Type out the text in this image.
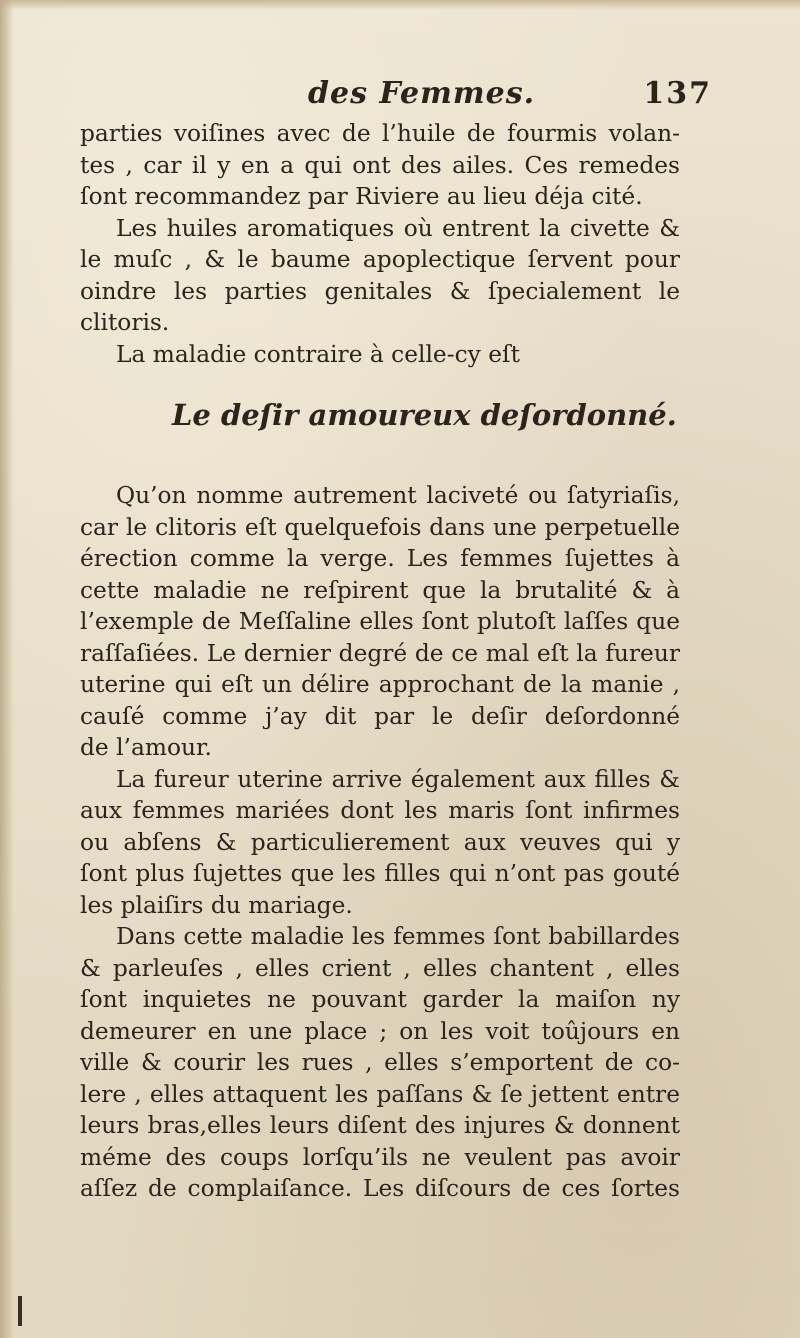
des Femmes.	137
parties voiſines avec de l’huile de fourmis volan-
tes , car il y en a qui ont des ailes. Ces remedes
ſont recommandez par Riviere au lieu déja cité.
Les huiles aromatiques où entrent la civette &
le muſc , & le baume apoplectique ſervent pour
oindre les parties genitales & ſpecialement le
clitoris.
La maladie contraire à celle-cy eſt
Le deſir amoureux deſordonné.
Qu’on nomme autrement laciveté ou ſatyriaſis,
car le clitoris eſt quelquefois dans une perpetuelle
érection comme la verge. Les femmes ſujettes à
cette maladie ne reſpirent que la brutalité & à
l’exemple de Meſſaline elles ſont plutoſt laſſes que
raſſaſiées. Le dernier degré de ce mal eſt la fureur
uterine qui eſt un délire approchant de la manie ,
cauſé comme j’ay dit par le deſir deſordonné
de l’amour.
La fureur uterine arrive également aux filles &
aux femmes mariées dont les maris ſont infirmes
ou abſens & particulierement aux veuves qui y
ſont plus ſujettes que les filles qui n’ont pas gouté
les plaiſirs du mariage.
Dans cette maladie les femmes ſont babillardes
& parleuſes , elles crient , elles chantent , elles
ſont inquietes ne pouvant garder la maiſon ny
demeurer en une place ; on les voit toûjours en
ville & courir les rues , elles s’emportent de co-
lere , elles attaquent les paſſans & ſe jettent entre
leurs bras,elles leurs diſent des injures & donnent
méme des coups lorſqu’ils ne veulent pas avoir
aſſez de complaiſance. Les diſcours de ces ſortes
